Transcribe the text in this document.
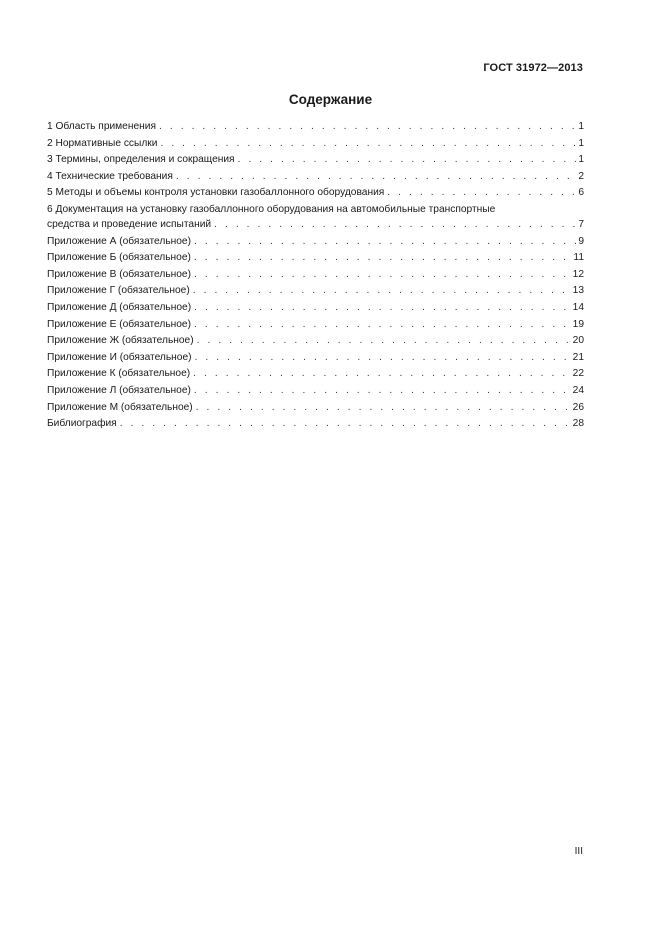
ГОСТ 31972—2013
Содержание
1 Область применения . . .	1
2 Нормативные ссылки . . .	1
3 Термины, определения и сокращения . . .	1
4 Технические требования . . .	2
5 Методы и объемы контроля установки газобаллонного оборудования . . .	6
6 Документация на установку газобаллонного оборудования на автомобильные транспортные
средства и проведение испытаний . . .	7
Приложение А (обязательное) . . .	9
Приложение Б (обязательное) . . .	11
Приложение В (обязательное) . . .	12
Приложение Г (обязательное) . . .	13
Приложение Д (обязательное) . . .	14
Приложение Е (обязательное) . . .	19
Приложение Ж (обязательное) . . .	20
Приложение И (обязательное) . . .	21
Приложение К (обязательное) . . .	22
Приложение Л (обязательное) . . .	24
Приложение М (обязательное) . . .	26
Библиография . . .	28
III
